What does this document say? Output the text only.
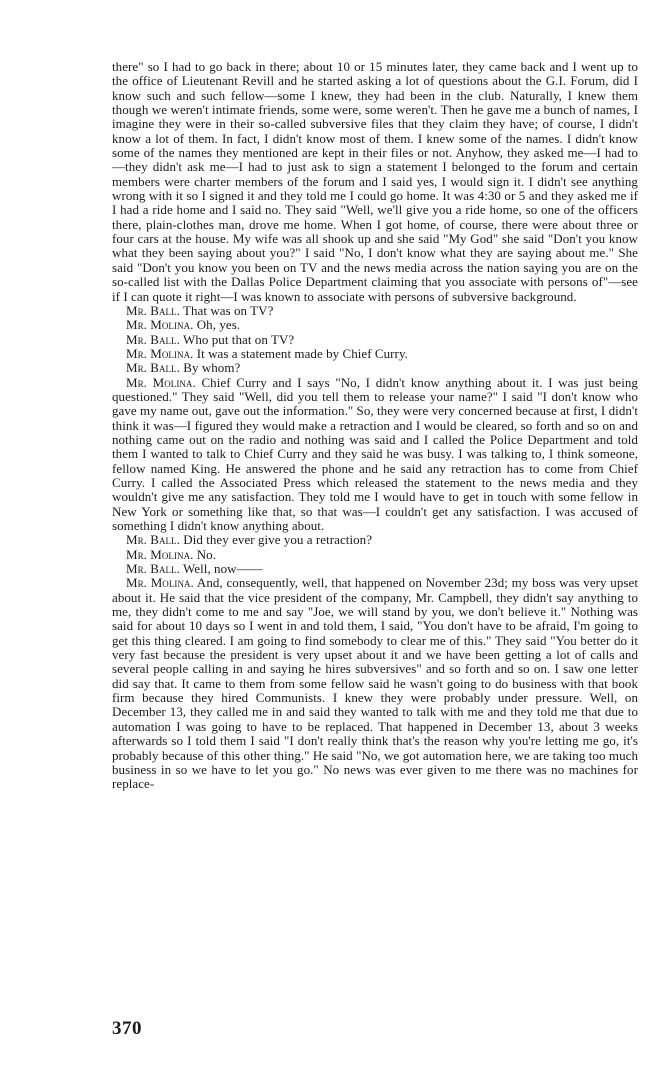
there" so I had to go back in there; about 10 or 15 minutes later, they came back and I went up to the office of Lieutenant Revill and he started asking a lot of questions about the G.I. Forum, did I know such and such fellow—some I knew, they had been in the club. Naturally, I knew them though we weren't intimate friends, some were, some weren't. Then he gave me a bunch of names, I imagine they were in their so-called subversive files that they claim they have; of course, I didn't know a lot of them. In fact, I didn't know most of them. I knew some of the names. I didn't know some of the names they mentioned are kept in their files or not. Anyhow, they asked me—I had to—they didn't ask me—I had to just ask to sign a statement I belonged to the forum and certain members were charter members of the forum and I said yes, I would sign it. I didn't see anything wrong with it so I signed it and they told me I could go home. It was 4:30 or 5 and they asked me if I had a ride home and I said no. They said "Well, we'll give you a ride home, so one of the officers there, plain-clothes man, drove me home. When I got home, of course, there were about three or four cars at the house. My wife was all shook up and she said "My God" she said "Don't you know what they been saying about you?" I said "No, I don't know what they are saying about me." She said "Don't you know you been on TV and the news media across the nation saying you are on the so-called list with the Dallas Police Department claiming that you associate with persons of"—see if I can quote it right—I was known to associate with persons of subversive background.

Mr. Ball. That was on TV?

Mr. Molina. Oh, yes.

Mr. Ball. Who put that on TV?

Mr. Molina. It was a statement made by Chief Curry.

Mr. Ball. By whom?

Mr. Molina. Chief Curry and I says "No, I didn't know anything about it. I was just being questioned." They said "Well, did you tell them to release your name?" I said "I don't know who gave my name out, gave out the information." So, they were very concerned because at first, I didn't think it was—I figured they would make a retraction and I would be cleared, so forth and so on and nothing came out on the radio and nothing was said and I called the Police Department and told them I wanted to talk to Chief Curry and they said he was busy. I was talking to, I think someone, fellow named King. He answered the phone and he said any retraction has to come from Chief Curry. I called the Associated Press which released the statement to the news media and they wouldn't give me any satisfaction. They told me I would have to get in touch with some fellow in New York or something like that, so that was—I couldn't get any satisfaction. I was accused of something I didn't know anything about.

Mr. Ball. Did they ever give you a retraction?

Mr. Molina. No.

Mr. Ball. Well, now——

Mr. Molina. And, consequently, well, that happened on November 23d; my boss was very upset about it. He said that the vice president of the company, Mr. Campbell, they didn't say anything to me, they didn't come to me and say "Joe, we will stand by you, we don't believe it." Nothing was said for about 10 days so I went in and told them, I said, "You don't have to be afraid, I'm going to get this thing cleared. I am going to find somebody to clear me of this." They said "You better do it very fast because the president is very upset about it and we have been getting a lot of calls and several people calling in and saying he hires subversives" and so forth and so on. I saw one letter did say that. It came to them from some fellow said he wasn't going to do business with that book firm because they hired Communists. I knew they were probably under pressure. Well, on December 13, they called me in and said they wanted to talk with me and they told me that due to automation I was going to have to be replaced. That happened in December 13, about 3 weeks afterwards so I told them I said "I don't really think that's the reason why you're letting me go, it's probably because of this other thing." He said "No, we got automation here, we are taking too much business in so we have to let you go." No news was ever given to me there was no machines for replace-

370
